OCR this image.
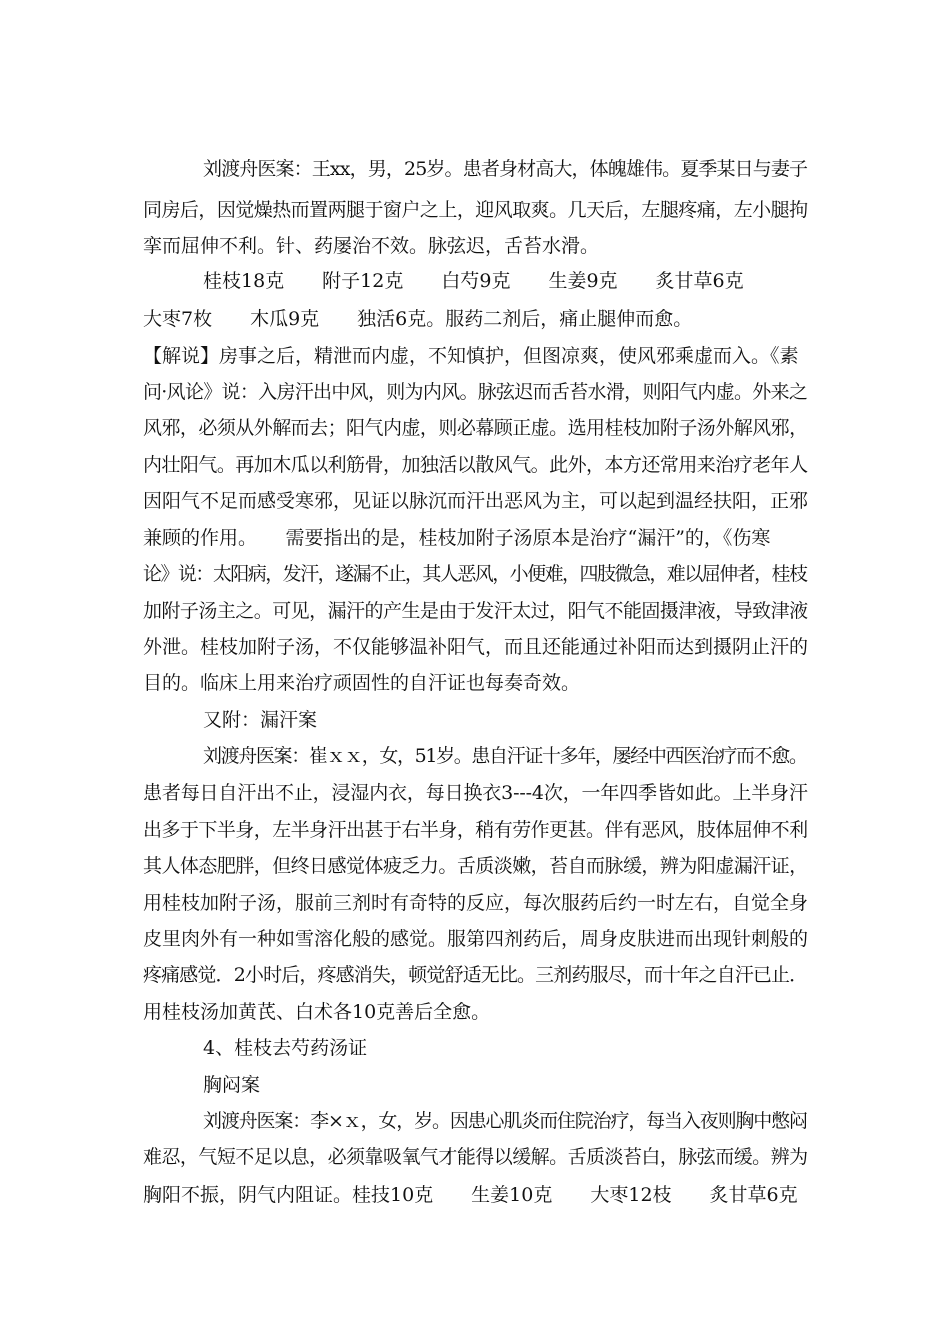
刘渡舟医案：王xx，男，25岁。患者身材高大，体魄雄伟。夏季某日与妻子
同房后，因觉燥热而置两腿于窗户之上，迎风取爽。几天后，左腿疼痛，左小腿拘
挛而屈伸不利。针、药屡治不效。脉弦迟，舌苔水滑。
桂枝18克　　附子12克　　白芍9克　　生姜9克　　炙甘草6克
大枣7枚　　木瓜9克　　独活6克。服药二剂后，痛止腿伸而愈。
【解说】房事之后，精泄而内虚，不知慎护，但图凉爽，使风邪乘虚而入。《素
问·风论》说：入房汗出中风，则为内风。脉弦迟而舌苔水滑，则阳气内虚。外来之
风邪，必须从外解而去；阳气内虚，则必幕顾正虚。选用桂枝加附子汤外解风邪，
内壮阳气。再加木瓜以利筋骨，加独活以散风气。此外，本方还常用来治疗老年人
因阳气不足而感受寒邪，见证以脉沉而汗出恶风为主，可以起到温经扶阳，正邪
兼顾的作用。　　需要指出的是，桂枝加附子汤原本是治疗“漏汗”的，《伤寒
论》说：太阳病，发汗，遂漏不止，其人恶风，小便难，四肢微急，难以屈伸者，桂枝
加附子汤主之。可见，漏汗的产生是由于发汗太过，阳气不能固摄津液，导致津液
外泄。桂枝加附子汤，不仅能够温补阳气，而且还能通过补阳而达到摄阴止汗的
目的。临床上用来治疗顽固性的自汗证也每奏奇效。
又附：漏汗案
刘渡舟医案：崔ｘｘ，女，51岁。患自汗证十多年，屡经中西医治疗而不愈。
患者每日自汗出不止，浸湿内衣，每日换衣3---4次，一年四季皆如此。上半身汗
出多于下半身，左半身汗出甚于右半身，稍有劳作更甚。伴有恶风，肢体屈伸不利
其人体态肥胖，但终日感觉体疲乏力。舌质淡嫩，苔自而脉缓，辨为阳虚漏汗证，
用桂枝加附子汤，服前三剂时有奇特的反应，每次服药后约一时左右，自觉全身
皮里肉外有一种如雪溶化般的感觉。服第四剂药后，周身皮肤进而出现针刺般的
疼痛感觉．2小时后，疼感消失，顿觉舒适无比。三剂药服尽，而十年之自汗已止．
用桂枝汤加黄芪、白术各10克善后全愈。
4、桂枝去芍药汤证
胸闷案
刘渡舟医案：李×ｘ，女，岁。因患心肌炎而住院治疗，每当入夜则胸中憋闷
难忍，气短不足以息，必须靠吸氧气才能得以缓解。舌质淡苔白，脉弦而缓。辨为
胸阳不振，阴气内阻证。桂技10克　　生姜10克　　大枣12枝　　炙甘草6克
